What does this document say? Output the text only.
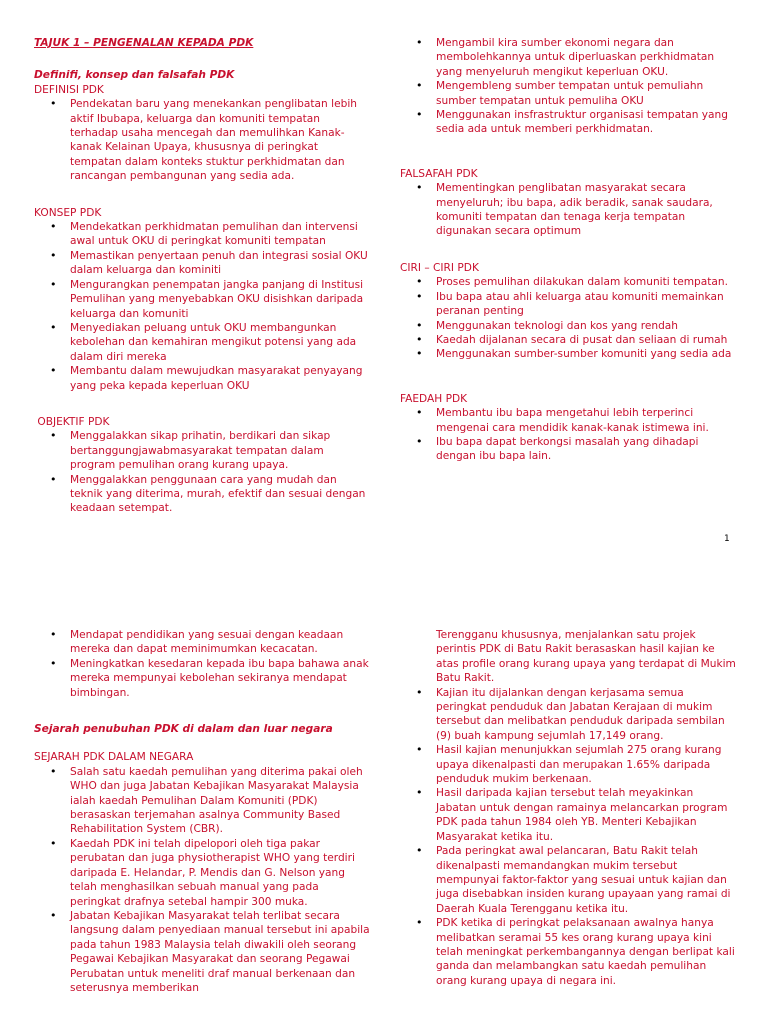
TAJUK 1 – PENGENALAN KEPADA PDK
Definifi, konsep dan falsafah PDK
DEFINISI PDK
• Pendekatan baru yang menekankan penglibatan lebih aktif Ibubapa, keluarga dan komuniti tempatan terhadap usaha mencegah dan memulihkan Kanak- kanak Kelainan Upaya, khususnya di peringkat tempatan dalam konteks stuktur perkhidmatan dan rancangan pembangunan yang sedia ada.
KONSEP PDK
• Mendekatkan perkhidmatan pemulihan dan intervensi awal untuk OKU di peringkat komuniti tempatan
• Memastikan penyertaan penuh dan integrasi sosial OKU dalam keluarga dan kominiti
• Mengurangkan penempatan jangka panjang di Institusi Pemulihan yang menyebabkan OKU disishkan daripada keluarga dan komuniti
• Menyediakan peluang untuk OKU membangunkan kebolehan dan kemahiran mengikut potensi yang ada dalam diri mereka
• Membantu dalam mewujudkan masyarakat penyayang yang peka kepada keperluan OKU
OBJEKTIF PDK
• Menggalakkan sikap prihatin, berdikari dan sikap bertanggungjawabmasyarakat tempatan dalam program pemulihan orang kurang upaya.
• Menggalakkan penggunaan cara yang mudah dan teknik yang diterima, murah, efektif dan sesuai dengan keadaan setempat.
• Mengambil kira sumber ekonomi negara dan membolehkannya untuk diperluaskan perkhidmatan yang menyeluruh mengikut keperluan OKU.
• Mengembleng sumber tempatan untuk pemuliahn sumber tempatan untuk pemuliha OKU
• Menggunakan insfrastruktur organisasi tempatan yang sedia ada untuk memberi perkhidmatan.
FALSAFAH PDK
• Mementingkan penglibatan masyarakat secara menyeluruh; ibu bapa, adik beradik, sanak saudara, komuniti tempatan dan tenaga kerja tempatan digunakan secara optimum
CIRI – CIRI PDK
• Proses pemulihan dilakukan dalam komuniti tempatan.
• Ibu bapa atau ahli keluarga atau komuniti memainkan peranan penting
• Menggunakan teknologi dan kos yang rendah
• Kaedah dijalanan secara di pusat dan seliaan di rumah
• Menggunakan sumber-sumber komuniti yang sedia ada
FAEDAH PDK
• Membantu ibu bapa mengetahui lebih terperinci mengenai cara mendidik kanak-kanak istimewa ini.
• Ibu bapa dapat berkongsi masalah yang dihadapi dengan ibu bapa lain.
1
• Mendapat pendidikan yang sesuai dengan keadaan mereka dan dapat meminimumkan kecacatan.
• Meningkatkan kesedaran kepada ibu bapa bahawa anak mereka mempunyai kebolehan sekiranya mendapat bimbingan.
Sejarah penubuhan PDK di dalam dan luar negara
SEJARAH PDK DALAM NEGARA
• Salah satu kaedah pemulihan yang diterima pakai oleh WHO dan juga Jabatan Kebajikan Masyarakat Malaysia ialah kaedah Pemulihan Dalam Komuniti (PDK) berasaskan terjemahan asalnya Community Based Rehabilitation System (CBR).
• Kaedah PDK ini telah dipelopori oleh tiga pakar perubatan dan juga physiotherapist WHO yang terdiri daripada E. Helandar, P. Mendis dan G. Nelson yang telah menghasilkan sebuah manual yang pada peringkat drafnya setebal hampir 300 muka.
• Jabatan Kebajikan Masyarakat telah terlibat secara langsung dalam penyediaan manual tersebut ini apabila pada tahun 1983 Malaysia telah diwakili oleh seorang Pegawai Kebajikan Masyarakat dan seorang Pegawai Perubatan untuk meneliti draf manual berkenaan dan seterusnya memberikan
Terengganu khususnya, menjalankan satu projek perintis PDK di Batu Rakit berasaskan hasil kajian ke atas profile orang kurang upaya yang terdapat di Mukim Batu Rakit.
• Kajian itu dijalankan dengan kerjasama semua peringkat penduduk dan Jabatan Kerajaan di mukim tersebut dan melibatkan penduduk daripada sembilan (9) buah kampung sejumlah 17,149 orang.
• Hasil kajian menunjukkan sejumlah 275 orang kurang upaya dikenalpasti dan merupakan 1.65% daripada penduduk mukim berkenaan.
• Hasil daripada kajian tersebut telah meyakinkan Jabatan untuk dengan ramainya melancarkan program PDK pada tahun 1984 oleh YB. Menteri Kebajikan Masyarakat ketika itu.
• Pada peringkat awal pelancaran, Batu Rakit telah dikenalpasti memandangkan mukim tersebut mempunyai faktor-faktor yang sesuai untuk kajian dan juga disebabkan insiden kurang upayaan yang ramai di Daerah Kuala Terengganu ketika itu.
• PDK ketika di peringkat pelaksanaan awalnya hanya melibatkan seramai 55 kes orang kurang upaya kini telah meningkat perkembangannya dengan berlipat kali ganda dan melambangkan satu kaedah pemulihan orang kurang upaya di negara ini.
